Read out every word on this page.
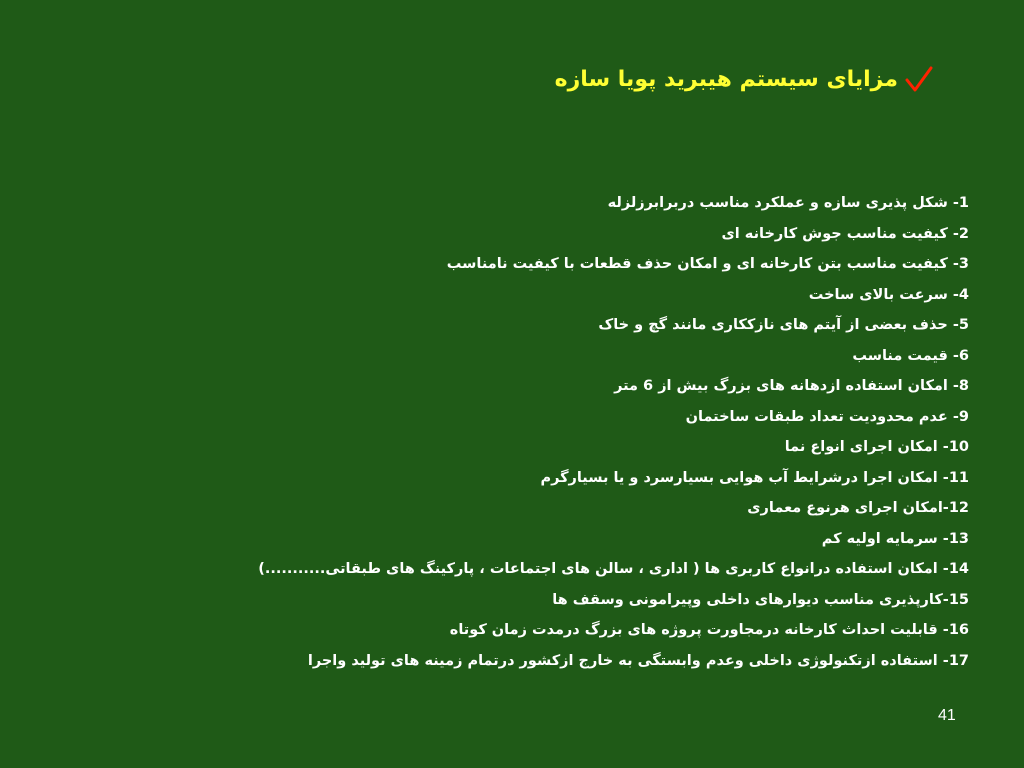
مزایای سیستم هیبرید پویا سازه
1- شکل پذیری سازه و عملکرد مناسب دربرابرزلزله
2- کیفیت مناسب جوش کارخانه ای
3- کیفیت مناسب بتن کارخانه ای و امکان حذف قطعات با کیفیت نامناسب
4- سرعت بالای ساخت
5- حذف بعضی از آیتم های نازککاری مانند گچ و خاک
6- قیمت مناسب
8- امکان استفاده ازدهانه های بزرگ بیش از 6 متر
9- عدم محدودیت تعداد طبقات ساختمان
10- امکان اجرای انواع نما
11- امکان اجرا درشرایط آب هوایی بسیارسرد و یا بسیارگرم
12-امکان اجرای هرنوع معماری
13- سرمایه اولیه کم
14- امکان استفاده درانواع کاربری ها ( اداری ، سالن های اجتماعات ، پارکینگ های طبقاتی...........)
15-کارپذیری مناسب دیوارهای داخلی وپیرامونی وسقف ها
16- قابلیت احداث کارخانه درمجاورت پروژه های بزرگ درمدت زمان کوتاه
17- استفاده ازتکنولوژی داخلی وعدم وابستگی به خارج ازکشور درتمام زمینه های تولید واجرا
41
